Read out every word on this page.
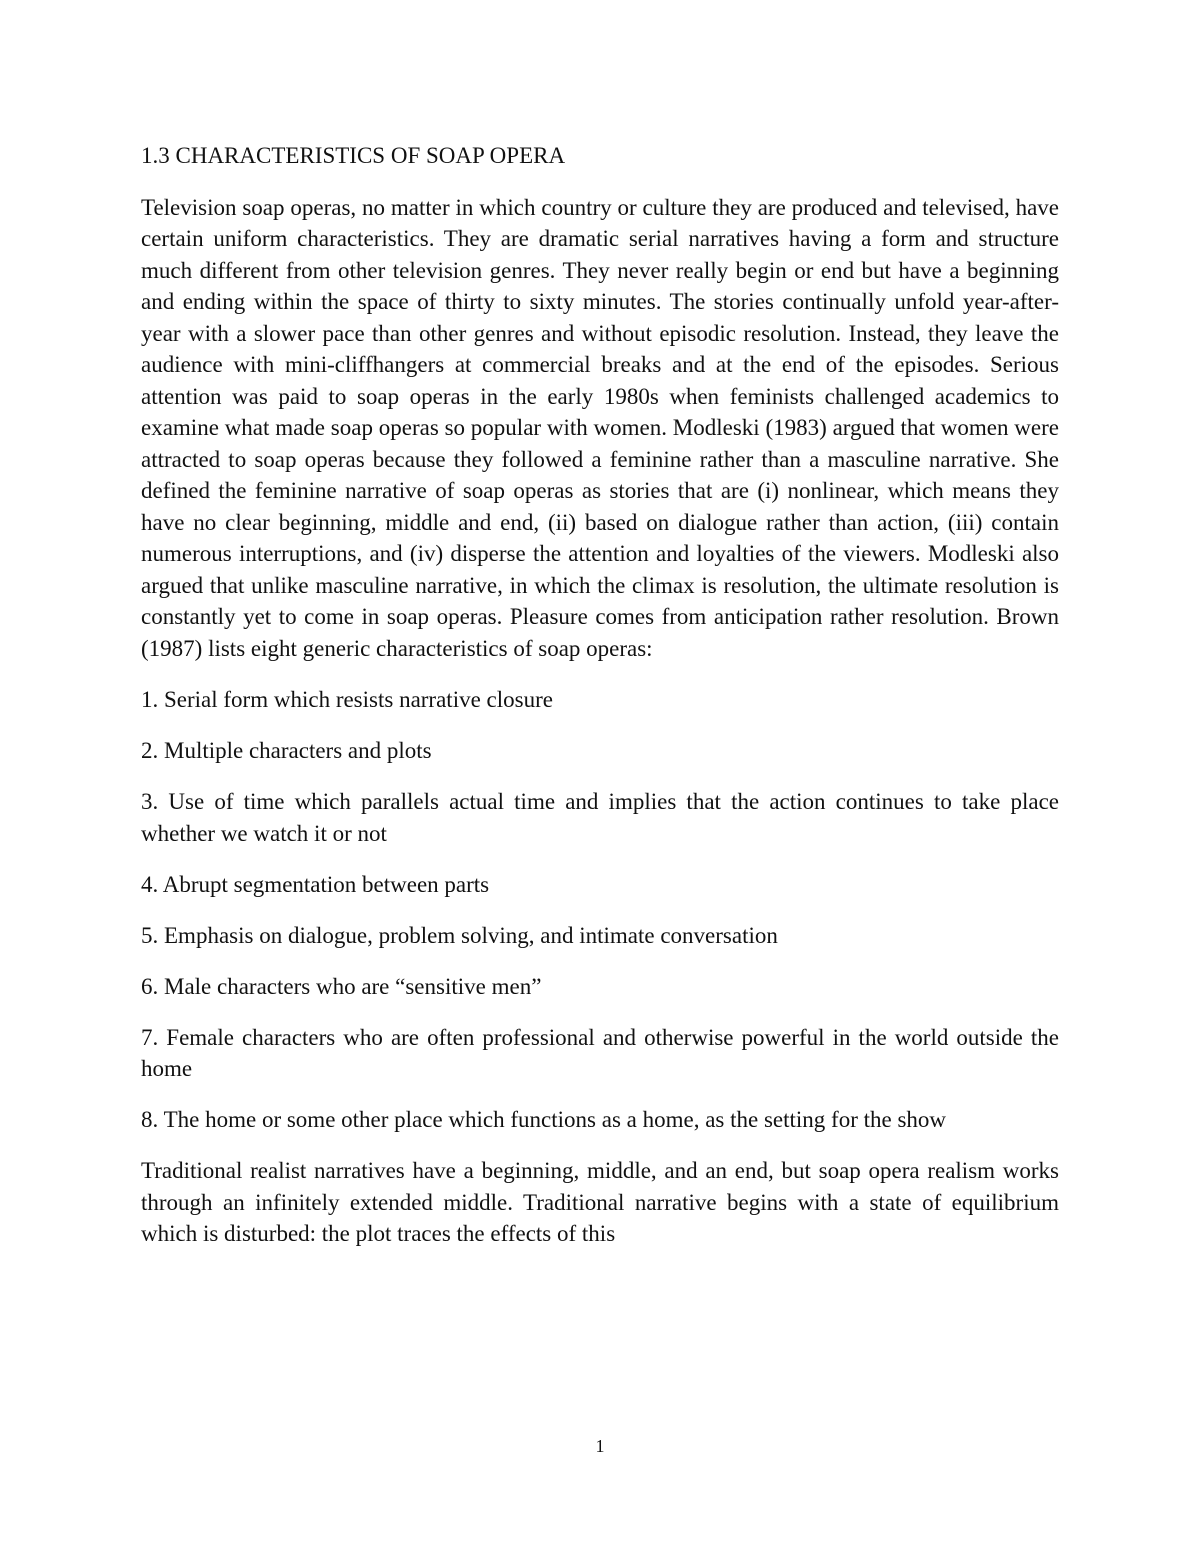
1.3 CHARACTERISTICS OF SOAP OPERA

Television soap operas, no matter in which country or culture they are produced and televised, have certain uniform characteristics. They are dramatic serial narratives having a form and structure much different from other television genres. They never really begin or end but have a beginning and ending within the space of thirty to sixty minutes. The stories continually unfold year-after-year with a slower pace than other genres and without episodic resolution. Instead, they leave the audience with mini-cliffhangers at commercial breaks and at the end of the episodes. Serious attention was paid to soap operas in the early 1980s when feminists challenged academics to examine what made soap operas so popular with women. Modleski (1983) argued that women were attracted to soap operas because they followed a feminine rather than a masculine narrative. She defined the feminine narrative of soap operas as stories that are (i) nonlinear, which means they have no clear beginning, middle and end, (ii) based on dialogue rather than action, (iii) contain numerous interruptions, and (iv) disperse the attention and loyalties of the viewers. Modleski also argued that unlike masculine narrative, in which the climax is resolution, the ultimate resolution is constantly yet to come in soap operas. Pleasure comes from anticipation rather resolution. Brown (1987) lists eight generic characteristics of soap operas:

1. Serial form which resists narrative closure

2. Multiple characters and plots

3. Use of time which parallels actual time and implies that the action continues to take place whether we watch it or not

4. Abrupt segmentation between parts

5. Emphasis on dialogue, problem solving, and intimate conversation

6. Male characters who are “sensitive men”

7. Female characters who are often professional and otherwise powerful in the world outside the home

8. The home or some other place which functions as a home, as the setting for the show

Traditional realist narratives have a beginning, middle, and an end, but soap opera realism works through an infinitely extended middle. Traditional narrative begins with a state of equilibrium which is disturbed: the plot traces the effects of this

1
